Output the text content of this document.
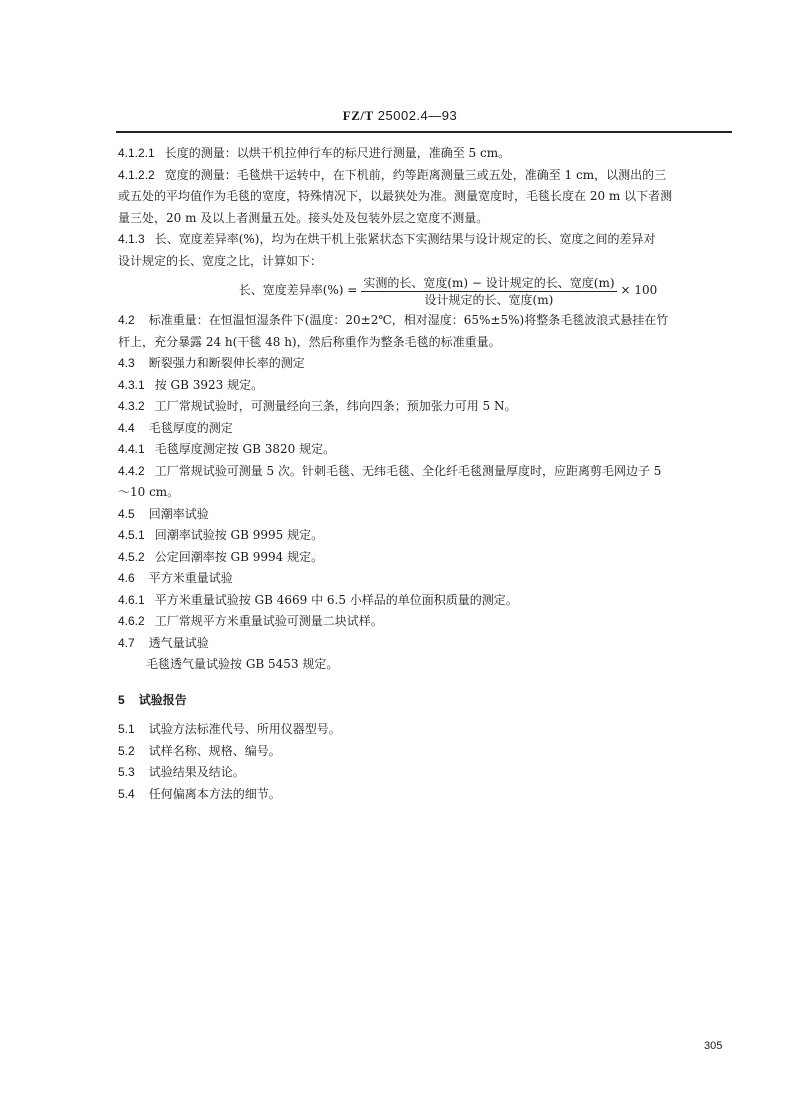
FZ/T 25002.4—93
4.1.2.1 长度的测量：以烘干机拉伸行车的标尺进行测量，准确至 5 cm。
4.1.2.2 宽度的测量：毛毯烘干运转中，在下机前，约等距离测量三或五处，准确至 1 cm，以测出的三
或五处的平均值作为毛毯的宽度，特殊情况下，以最狭处为准。测量宽度时，毛毯长度在 20 m 以下者测
量三处，20 m 及以上者测量五处。接头处及包装外层之宽度不测量。
4.1.3 长、宽度差异率(%)，均为在烘干机上张紧状态下实测结果与设计规定的长、宽度之间的差异对
设计规定的长、宽度之比，计算如下：
长、宽度差异率(%) = $\frac{\text{实测的长、宽度(m) − 设计规定的长、宽度(m)}}{\text{设计规定的长、宽度(m)}} \times 100$
4.2 标准重量：在恒温恒湿条件下(温度：20±2℃，相对湿度：65%±5%)将整条毛毯波浪式悬挂在竹
杆上，充分暴露 24 h(干毯 48 h)，然后称重作为整条毛毯的标准重量。
4.3 断裂强力和断裂伸长率的测定
4.3.1 按 GB 3923 规定。
4.3.2 工厂常规试验时，可测量经向三条，纬向四条；预加张力可用 5 N。
4.4 毛毯厚度的测定
4.4.1 毛毯厚度测定按 GB 3820 规定。
4.4.2 工厂常规试验可测量 5 次。针刺毛毯、无纬毛毯、全化纤毛毯测量厚度时，应距离剪毛网边子 5
～10 cm。
4.5 回潮率试验
4.5.1 回潮率试验按 GB 9995 规定。
4.5.2 公定回潮率按 GB 9994 规定。
4.6 平方米重量试验
4.6.1 平方米重量试验按 GB 4669 中 6.5 小样品的单位面积质量的测定。
4.6.2 工厂常规平方米重量试验可测量二块试样。
4.7 透气量试验
毛毯透气量试验按 GB 5453 规定。
5 试验报告
5.1 试验方法标准代号、所用仪器型号。
5.2 试样名称、规格、编号。
5.3 试验结果及结论。
5.4 任何偏离本方法的细节。
305
